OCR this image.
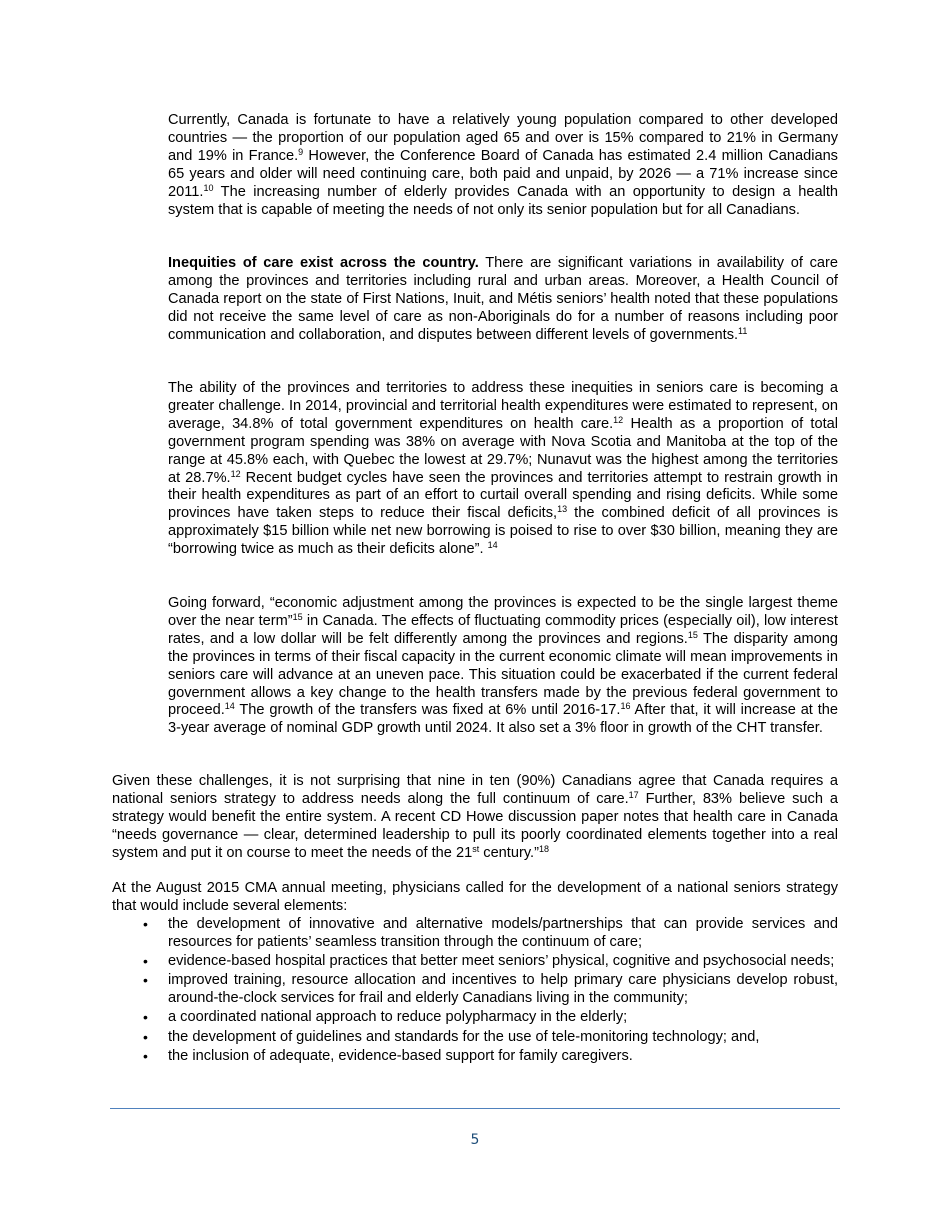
Currently, Canada is fortunate to have a relatively young population compared to other developed countries — the proportion of our population aged 65 and over is 15% compared to 21% in Germany and 19% in France.$^9$ However, the Conference Board of Canada has estimated 2.4 million Canadians 65 years and older will need continuing care, both paid and unpaid, by 2026 — a 71% increase since 2011.10 The increasing number of elderly provides Canada with an opportunity to design a health system that is capable of meeting the needs of not only its senior population but for all Canadians.

Inequities of care exist across the country. There are significant variations in availability of care among the provinces and territories including rural and urban areas. Moreover, a Health Council of Canada report on the state of First Nations, Inuit, and Métis seniors’ health noted that these populations did not receive the same level of care as non-Aboriginals do for a number of reasons including poor communication and collaboration, and disputes between different levels of governments.$^{11}$

The ability of the provinces and territories to address these inequities in seniors care is becoming a greater challenge. In 2014, provincial and territorial health expenditures were estimated to represent, on average, 34.8% of total government expenditures on health care.$^{12}$ Health as a proportion of total government program spending was 38% on average with Nova Scotia and Manitoba at the top of the range at 45.8% each, with Quebec the lowest at 29.7%; Nunavut was the highest among the territories at 28.7%.$^{12}$ Recent budget cycles have seen the provinces and territories attempt to restrain growth in their health expenditures as part of an effort to curtail overall spending and rising deficits. While some provinces have taken steps to reduce their fiscal deficits,$^{13}$ the combined deficit of all provinces is approximately $15 billion while net new borrowing is poised to rise to over $30 billion, meaning they are “borrowing twice as much as their deficits alone”. $^{14}$

Going forward, “economic adjustment among the provinces is expected to be the single largest theme over the near term”$^{15}$ in Canada. The effects of fluctuating commodity prices (especially oil), low interest rates, and a low dollar will be felt differently among the provinces and regions.$^{15}$ The disparity among the provinces in terms of their fiscal capacity in the current economic climate will mean improvements in seniors care will advance at an uneven pace. This situation could be exacerbated if the current federal government allows a key change to the health transfers made by the previous federal government to proceed.$^{14}$ The growth of the transfers was fixed at 6% until 2016-17.16 After that, it will increase at the 3-year average of nominal GDP growth until 2024. It also set a 3% floor in growth of the CHT transfer.

Given these challenges, it is not surprising that nine in ten (90%) Canadians agree that Canada requires a national seniors strategy to address needs along the full continuum of care.$^{17}$ Further, 83% believe such a strategy would benefit the entire system. A recent CD Howe discussion paper notes that health care in Canada “needs governance — clear, determined leadership to pull its poorly coordinated elements together into a real system and put it on course to meet the needs of the 21st century.”$^{18}$

At the August 2015 CMA annual meeting, physicians called for the development of a national seniors strategy that would include several elements:

• the development of innovative and alternative models/partnerships that can provide services and resources for patients’ seamless transition through the continuum of care;
• evidence-based hospital practices that better meet seniors’ physical, cognitive and psychosocial needs;
• improved training, resource allocation and incentives to help primary care physicians develop robust, around-the-clock services for frail and elderly Canadians living in the community;
• a coordinated national approach to reduce polypharmacy in the elderly;
• the development of guidelines and standards for the use of tele-monitoring technology; and,
• the inclusion of adequate, evidence-based support for family caregivers.
5
